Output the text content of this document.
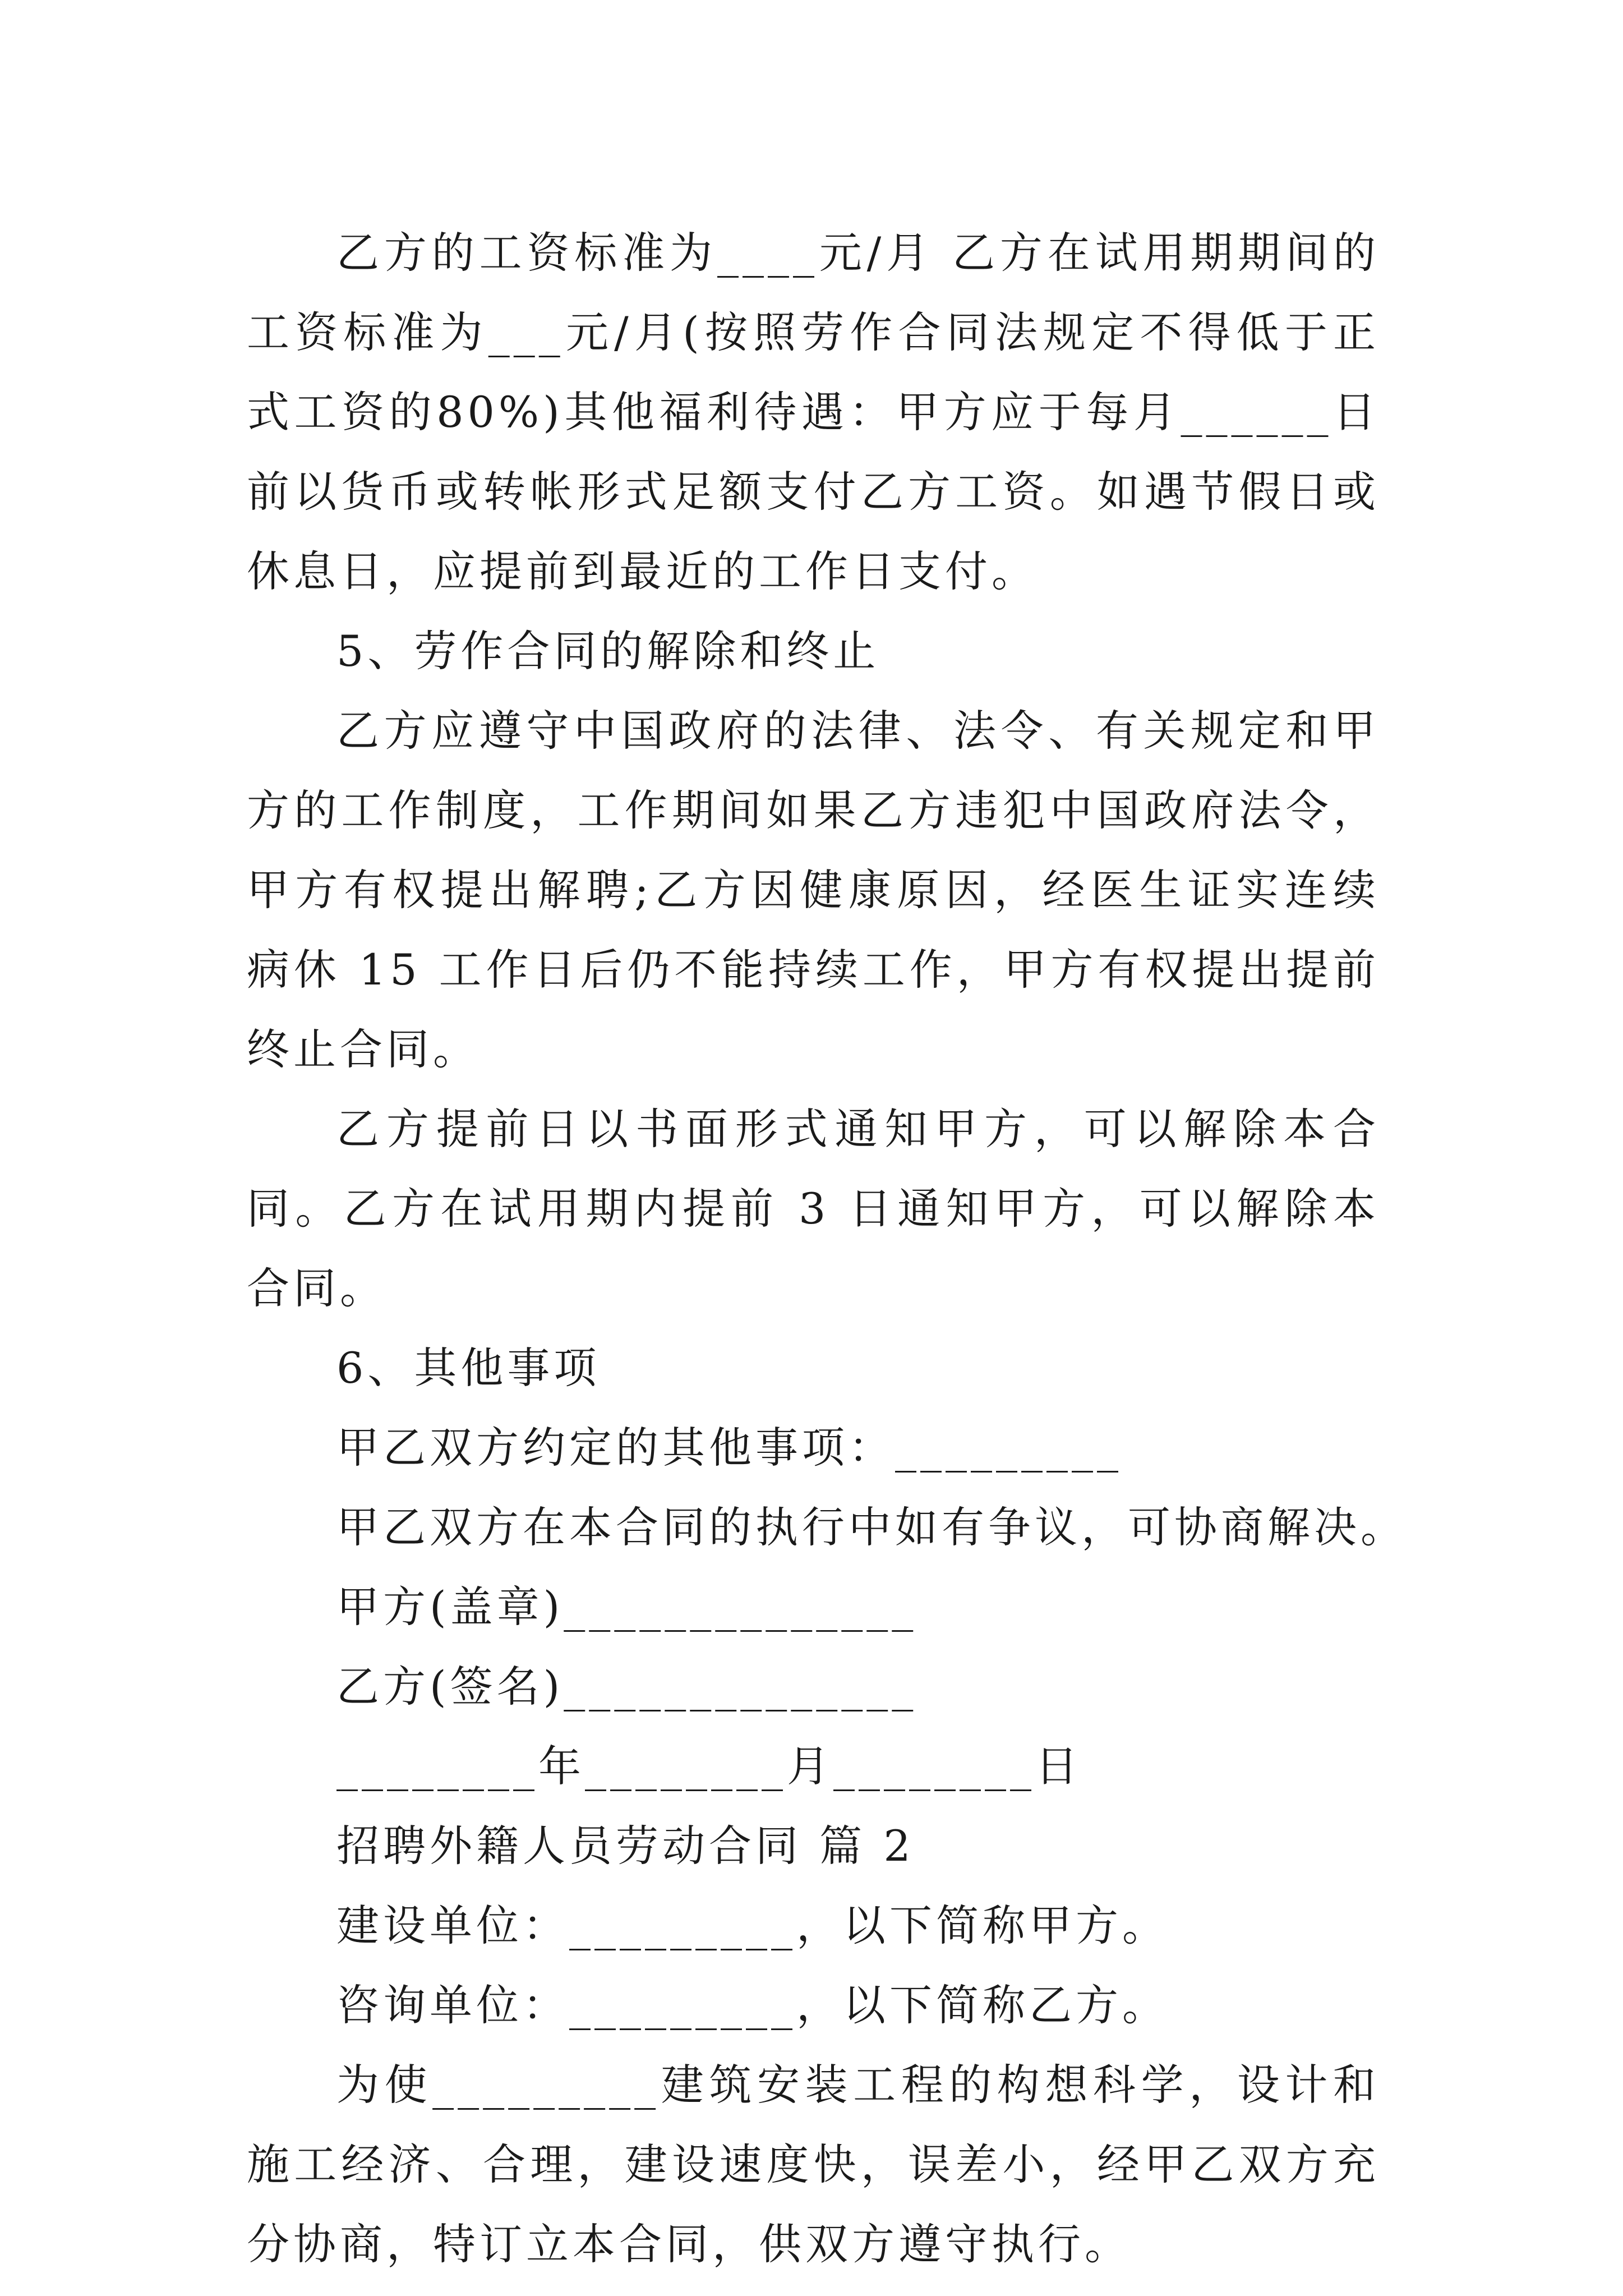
乙方的工资标准为____元/月 乙方在试用期期间的工资标准为___元/月(按照劳作合同法规定不得低于正式工资的80%)其他福利待遇：甲方应于每月______日前以货币或转帐形式足额支付乙方工资。如遇节假日或休息日，应提前到最近的工作日支付。

5、劳作合同的解除和终止

乙方应遵守中国政府的法律、法令、有关规定和甲方的工作制度，工作期间如果乙方违犯中国政府法令，甲方有权提出解聘;乙方因健康原因，经医生证实连续病休 15 工作日后仍不能持续工作，甲方有权提出提前终止合同。

乙方提前日以书面形式通知甲方，可以解除本合同。乙方在试用期内提前 3 日通知甲方，可以解除本合同。

6、其他事项

甲乙双方约定的其他事项：_________

甲乙双方在本合同的执行中如有争议，可协商解决。

甲方(盖章)______________

乙方(签名)______________

________年________月________日

招聘外籍人员劳动合同 篇 2

建设单位：_________，以下简称甲方。

咨询单位：_________，以下简称乙方。

为使_________建筑安装工程的构想科学，设计和施工经济、合理，建设速度快，误差小，经甲乙双方充分协商，特订立本合同，供双方遵守执行。
